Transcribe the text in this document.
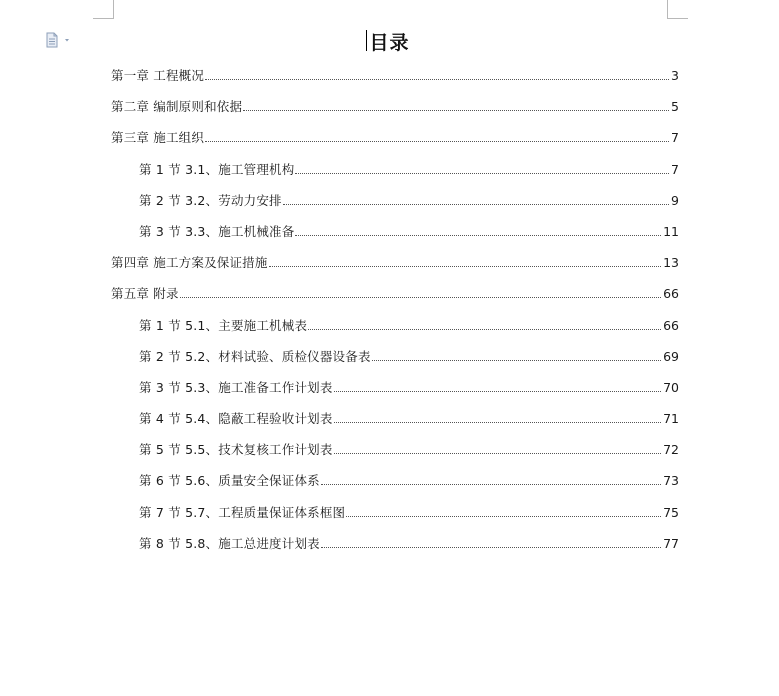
目录
第一章 工程概况	3
第二章 编制原则和依据	5
第三章 施工组织	7
第 1 节 3.1、施工管理机构	7
第 2 节 3.2、劳动力安排	9
第 3 节 3.3、施工机械准备	11
第四章 施工方案及保证措施	13
第五章 附录	66
第 1 节 5.1、主要施工机械表	66
第 2 节 5.2、材料试验、质检仪器设备表	69
第 3 节 5.3、施工准备工作计划表	70
第 4 节 5.4、隐蔽工程验收计划表	71
第 5 节 5.5、技术复核工作计划表	72
第 6 节 5.6、质量安全保证体系	73
第 7 节 5.7、工程质量保证体系框图	75
第 8 节 5.8、施工总进度计划表	77
